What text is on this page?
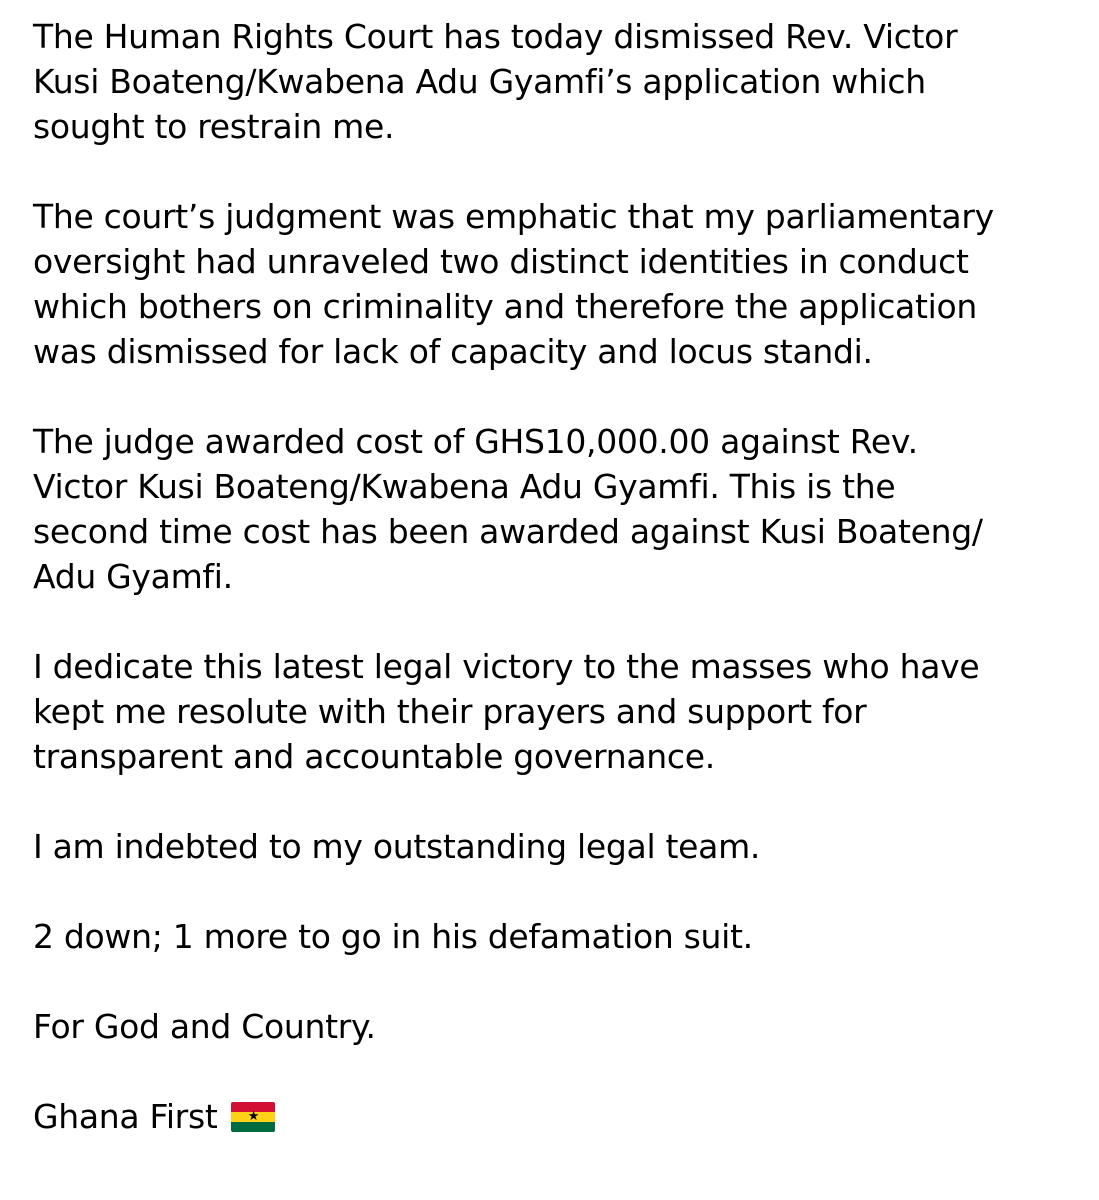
The Human Rights Court has today dismissed Rev. Victor
Kusi Boateng/Kwabena Adu Gyamfi’s application which
sought to restrain me.

The court’s judgment was emphatic that my parliamentary
oversight had unraveled two distinct identities in conduct
which bothers on criminality and therefore the application
was dismissed for lack of capacity and locus standi.

The judge awarded cost of GHS10,000.00 against Rev.
Victor Kusi Boateng/Kwabena Adu Gyamfi. This is the
second time cost has been awarded against Kusi Boateng/
Adu Gyamfi.

I dedicate this latest legal victory to the masses who have
kept me resolute with their prayers and support for
transparent and accountable governance.

I am indebted to my outstanding legal team.

2 down; 1 more to go in his defamation suit.

For God and Country.

Ghana First ★
